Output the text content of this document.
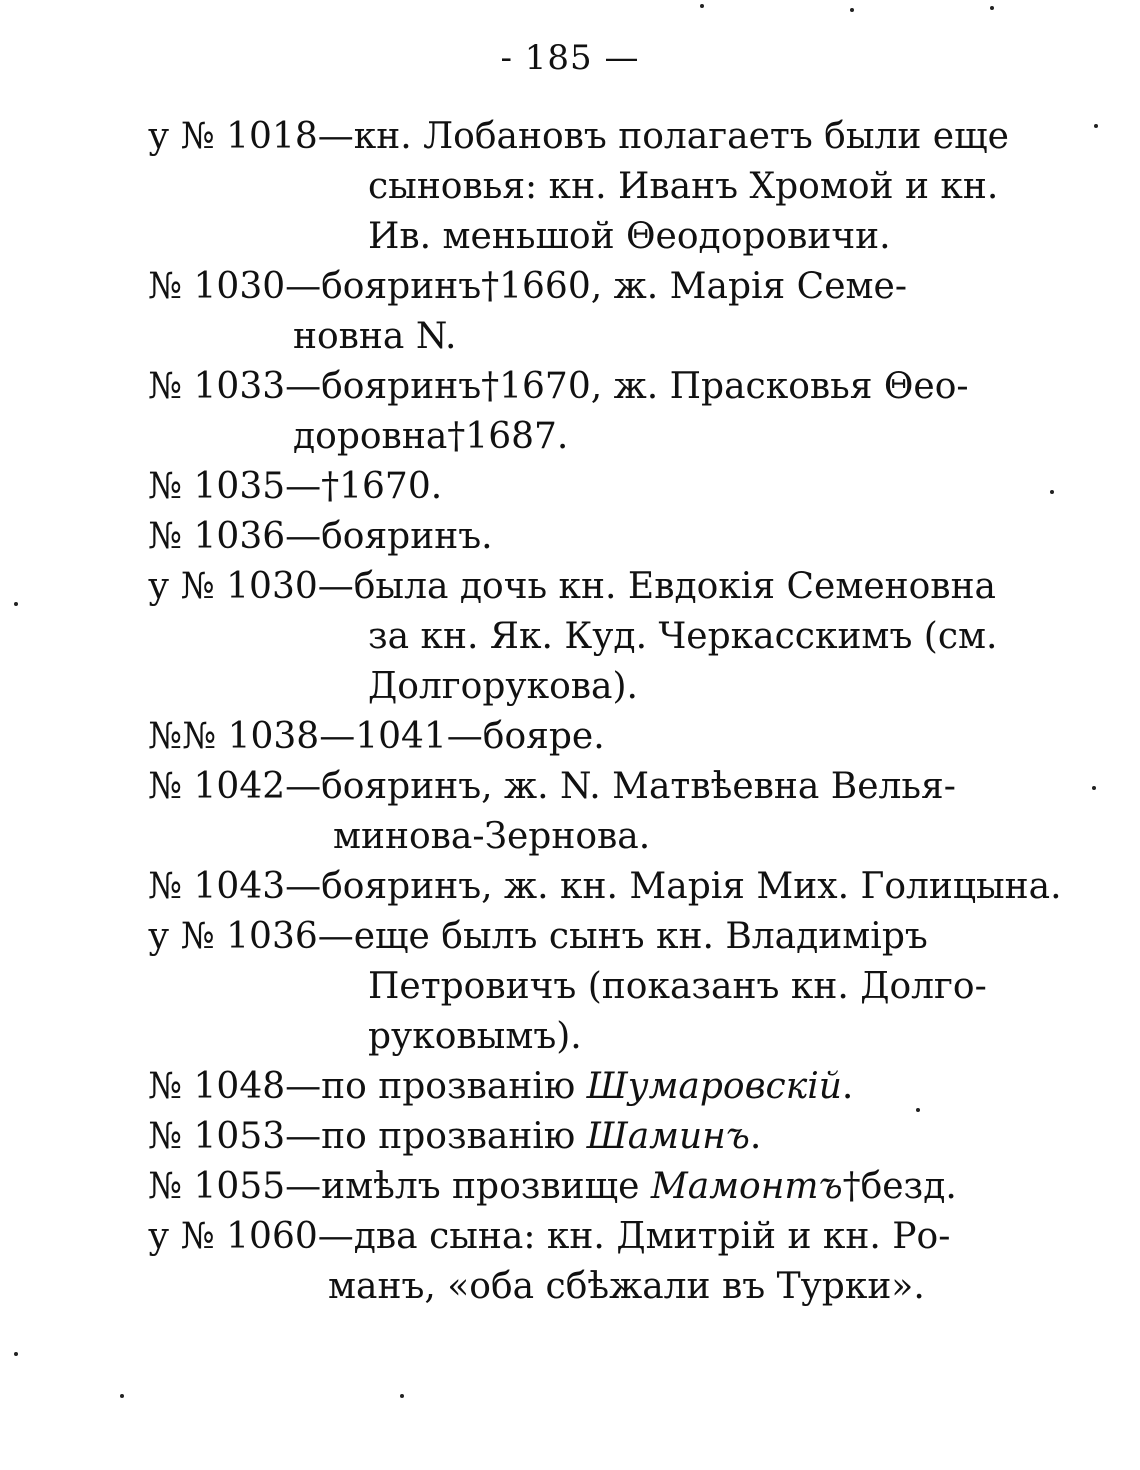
- 185 —
у № 1018—кн. Лобановъ полагаетъ были еще
сыновья: кн. Иванъ Хромой и кн.
Ив. меньшой Θеодоровичи.
№ 1030—бояринъ†1660, ж. Марія Семе-
новна N.
№ 1033—бояринъ†1670, ж. Прасковья Θео-
доровна†1687.
№ 1035—†1670.
№ 1036—бояринъ.
у № 1030—была дочь кн. Евдокія Семеновна
за кн. Як. Куд. Черкасскимъ (см.
Долгорукова).
№№ 1038—1041—бояре.
№ 1042—бояринъ, ж. N. Матвѣевна Велья-
минова-Зернова.
№ 1043—бояринъ, ж. кн. Марія Мих. Голицына.
у № 1036—еще былъ сынъ кн. Владиміръ
Петровичъ (показанъ кн. Долго-
руковымъ).
№ 1048—по прозванію Шумаровскій.
№ 1053—по прозванію Шаминъ.
№ 1055—имѣлъ прозвище Мамонтъ†безд.
у № 1060—два сына: кн. Дмитрій и кн. Ро-
манъ, «оба сбѣжали въ Турки».
